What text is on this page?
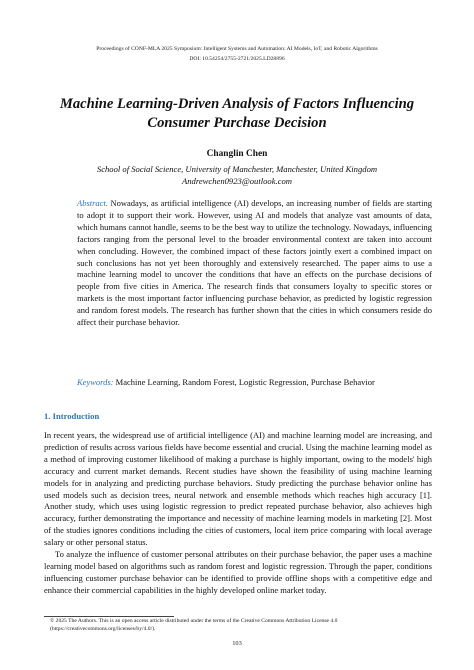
Proceedings of CONF-MLA 2025 Symposium: Intelligent Systems and Automation: AI Models, IoT, and Robotic Algorithms
DOI: 10.54254/2755-2721/2025.LD28896
Machine Learning-Driven Analysis of Factors Influencing
Consumer Purchase Decision
Changlin Chen
School of Social Science, University of Manchester, Manchester, United Kingdom
Andrewchen0923@outlook.com
Abstract. Nowadays, as artificial intelligence (AI) develops, an increasing number of fields are starting to adopt it to support their work. However, using AI and models that analyze vast amounts of data, which humans cannot handle, seems to be the best way to utilize the technology. Nowadays, influencing factors ranging from the personal level to the broader environmental context are taken into account when concluding. However, the combined impact of these factors jointly exert a combined impact on such conclusions has not yet been thoroughly and extensively researched. The paper aims to use a machine learning model to uncover the conditions that have an effects on the purchase decisions of people from five cities in America. The research finds that consumers loyalty to specific stores or markets is the most important factor influencing purchase behavior, as predicted by logistic regression and random forest models. The research has further shown that the cities in which consumers reside do affect their purchase behavior.
Keywords: Machine Learning, Random Forest, Logistic Regression, Purchase Behavior
1. Introduction

In recent years, the widespread use of artificial intelligence (AI) and machine learning model are increasing, and prediction of results across various fields have become essential and crucial. Using the machine learning model as a method of improving customer likelihood of making a purchase is highly important, owing to the models' high accuracy and current market demands. Recent studies have shown the feasibility of using machine learning models for in analyzing and predicting purchase behaviors. Study predicting the purchase behavior online has used models such as decision trees, neural network and ensemble methods which reaches high accuracy [1]. Another study, which uses using logistic regression to predict repeated purchase behavior, also achieves high accuracy, further demonstrating the importance and necessity of machine learning models in marketing [2]. Most of the studies ignores conditions including the cities of customers, local item price comparing with local average salary or other personal status.

To analyze the influence of customer personal attributes on their purchase behavior, the paper uses a machine learning model based on algorithms such as random forest and logistic regression. Through the paper, conditions influencing customer purchase behavior can be identified to provide offline shops with a competitive edge and enhance their commercial capabilities in the highly developed online market today.

© 2025 The Authors. This is an open access article distributed under the terms of the Creative Commons Attribution License 4.0 (https://creativecommons.org/licenses/by/4.0/).
103
